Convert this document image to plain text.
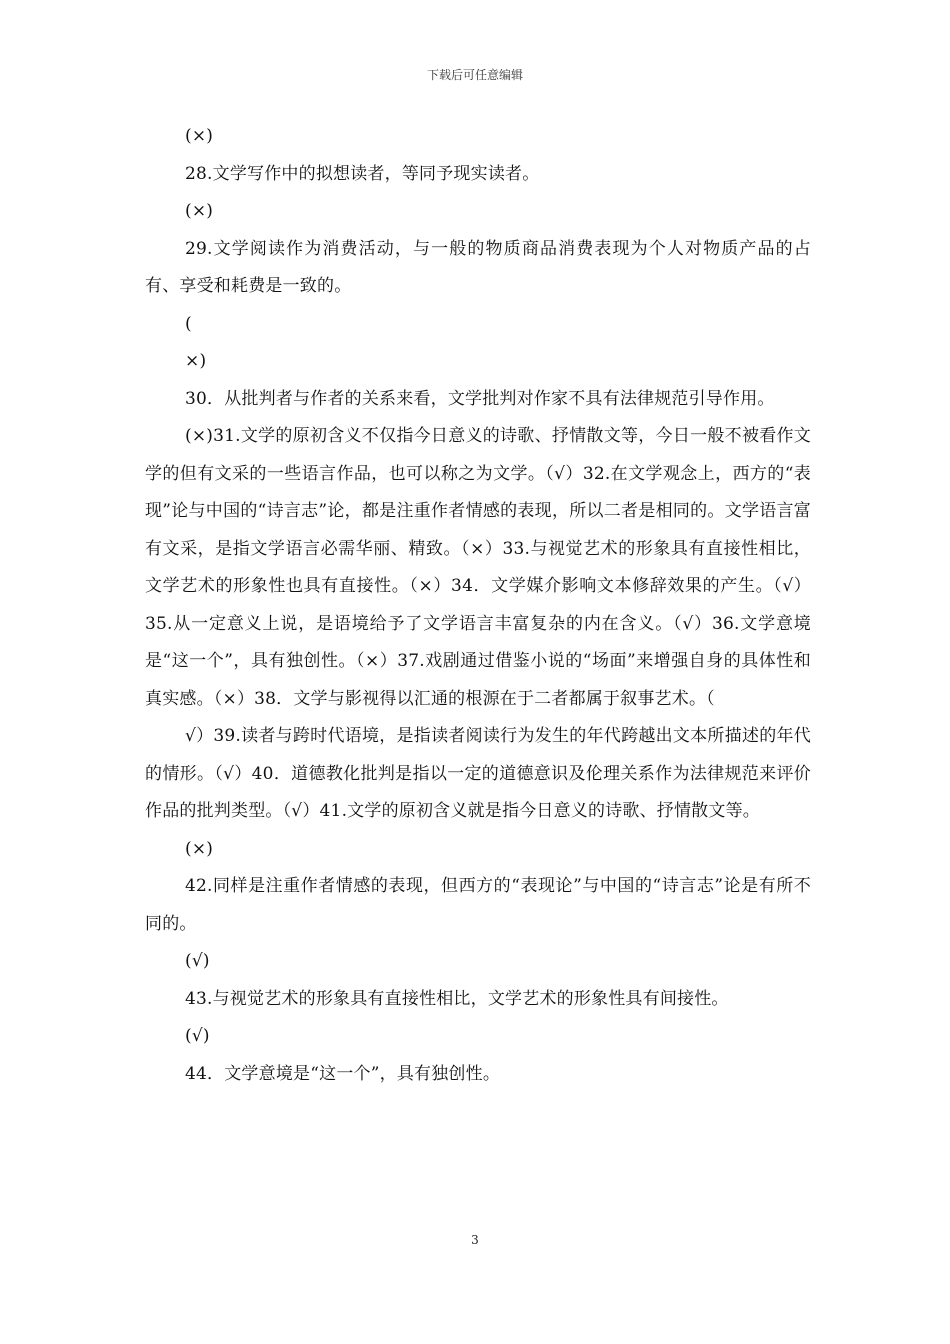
下载后可任意编辑

(×)

28.文学写作中的拟想读者，等同予现实读者。

(×)

29.文学阅读作为消费活动，与一般的物质商品消费表现为个人对物质产品的占有、享受和耗费是一致的。

(

×)

30．从批判者与作者的关系来看，文学批判对作家不具有法律规范引导作用。

(×)31.文学的原初含义不仅指今日意义的诗歌、抒情散文等，今日一般不被看作文学的但有文采的一些语言作品，也可以称之为文学。（√）32.在文学观念上，西方的“表现”论与中国的“诗言志”论，都是注重作者情感的表现，所以二者是相同的。文学语言富有文采，是指文学语言必需华丽、精致。（×）33.与视觉艺术的形象具有直接性相比，文学艺术的形象性也具有直接性。（×）34．文学媒介影响文本修辞效果的产生。（√）35.从一定意义上说，是语境给予了文学语言丰富复杂的内在含义。（√）36.文学意境是“这一个”，具有独创性。（×）37.戏剧通过借鉴小说的“场面”来增强自身的具体性和真实感。（×）38．文学与影视得以汇通的根源在于二者都属于叙事艺术。（

√）39.读者与跨时代语境，是指读者阅读行为发生的年代跨越出文本所描述的年代的情形。（√）40．道德教化批判是指以一定的道德意识及伦理关系作为法律规范来评价作品的批判类型。（√）41.文学的原初含义就是指今日意义的诗歌、抒情散文等。

(×)

42.同样是注重作者情感的表现，但西方的“表现论”与中国的“诗言志”论是有所不同的。

(√)

43.与视觉艺术的形象具有直接性相比，文学艺术的形象性具有间接性。

(√)

44．文学意境是“这一个”，具有独创性。

3
